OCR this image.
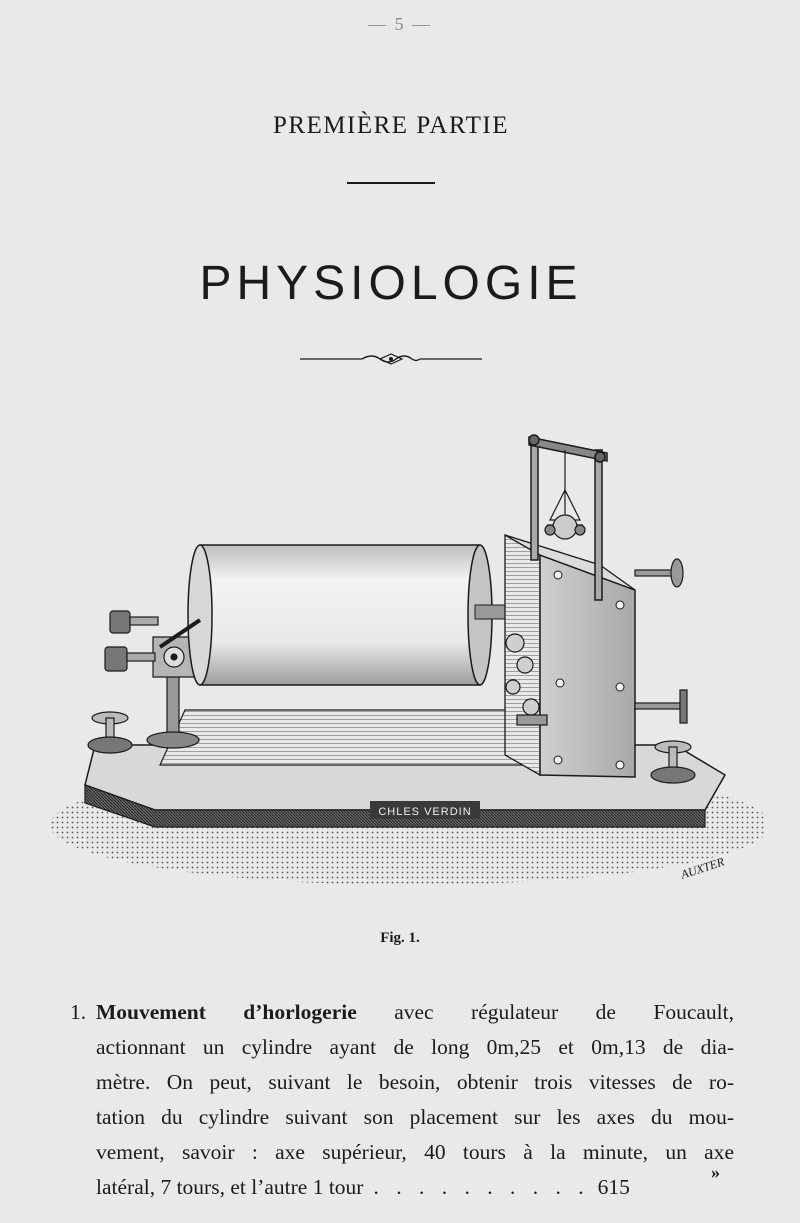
— 5 —
PREMIÈRE PARTIE
PHYSIOLOGIE
CHLES VERDIN
AUXTER
Fig. 1.
1. Mouvement d’horlogerie avec régulateur de Foucault,
actionnant un cylindre ayant de long 0m,25 et 0m,13 de dia-
mètre. On peut, suivant le besoin, obtenir trois vitesses de ro-
tation du cylindre suivant son placement sur les axes du mou-
vement, savoir : axe supérieur, 40 tours à la minute, un axe
latéral, 7 tours, et l’autre 1 tour . . . . . . . . . . 615
»
